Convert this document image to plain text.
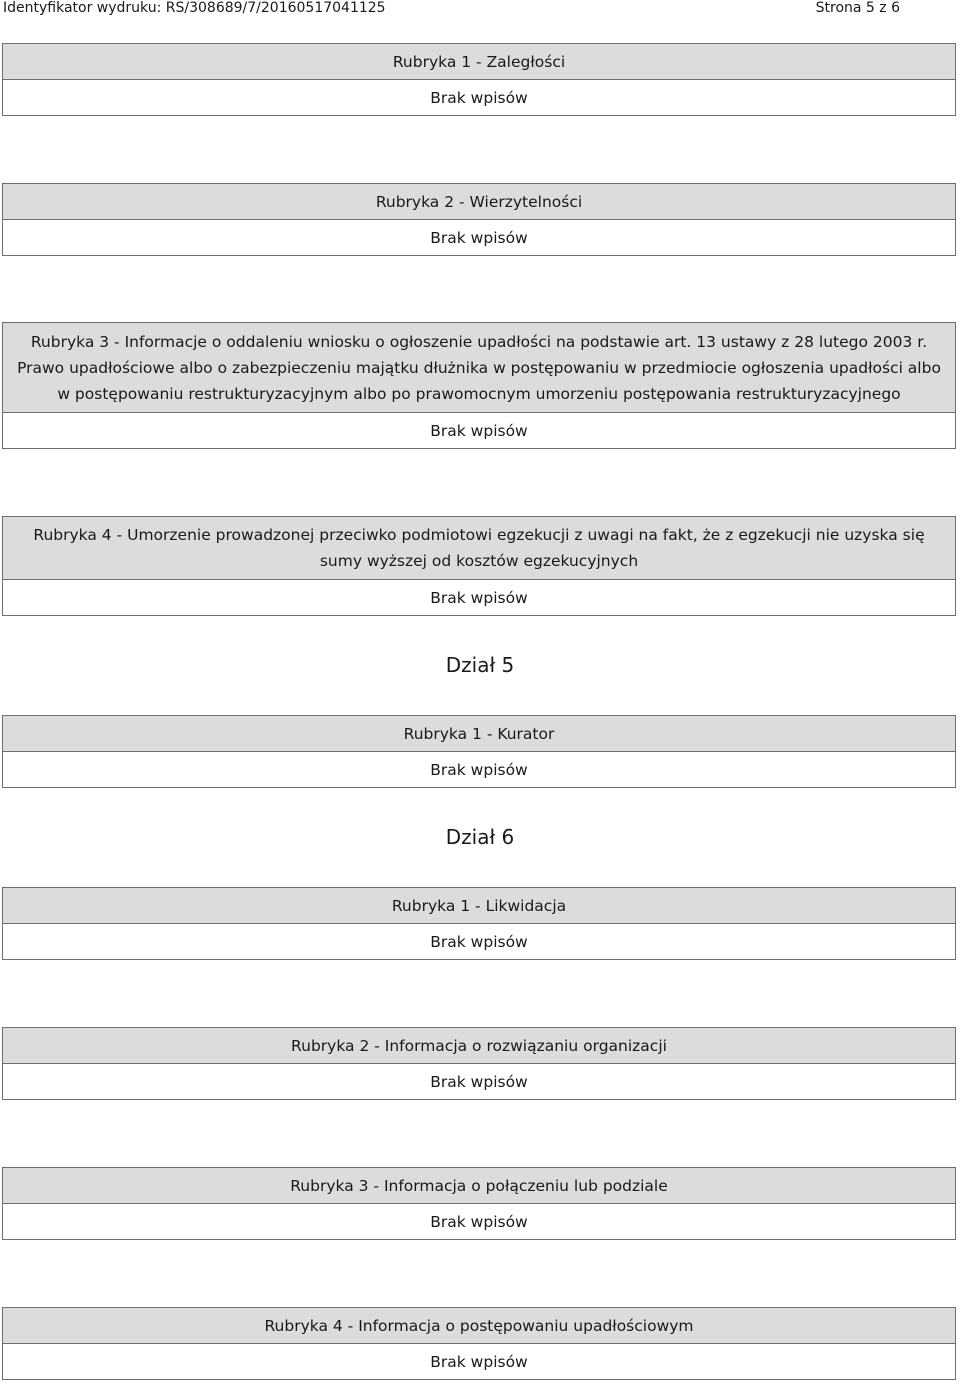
Identyfikator wydruku: RS/308689/7/20160517041125	Strona 5 z 6
Rubryka 1 - Zaległości
Brak wpisów
Rubryka 2 - Wierzytelności
Brak wpisów
Rubryka 3 - Informacje o oddaleniu wniosku o ogłoszenie upadłości na podstawie art. 13 ustawy z 28 lutego 2003 r. Prawo upadłościowe albo o zabezpieczeniu majątku dłużnika w postępowaniu w przedmiocie ogłoszenia upadłości albo w postępowaniu restrukturyzacyjnym albo po prawomocnym umorzeniu postępowania restrukturyzacyjnego
Brak wpisów
Rubryka 4 - Umorzenie prowadzonej przeciwko podmiotowi egzekucji z uwagi na fakt, że z egzekucji nie uzyska się sumy wyższej od kosztów egzekucyjnych
Brak wpisów
Dział 5
Rubryka 1 - Kurator
Brak wpisów
Dział 6
Rubryka 1 - Likwidacja
Brak wpisów
Rubryka 2 - Informacja o rozwiązaniu organizacji
Brak wpisów
Rubryka 3 - Informacja o połączeniu lub podziale
Brak wpisów
Rubryka 4 - Informacja o postępowaniu upadłościowym
Brak wpisów
